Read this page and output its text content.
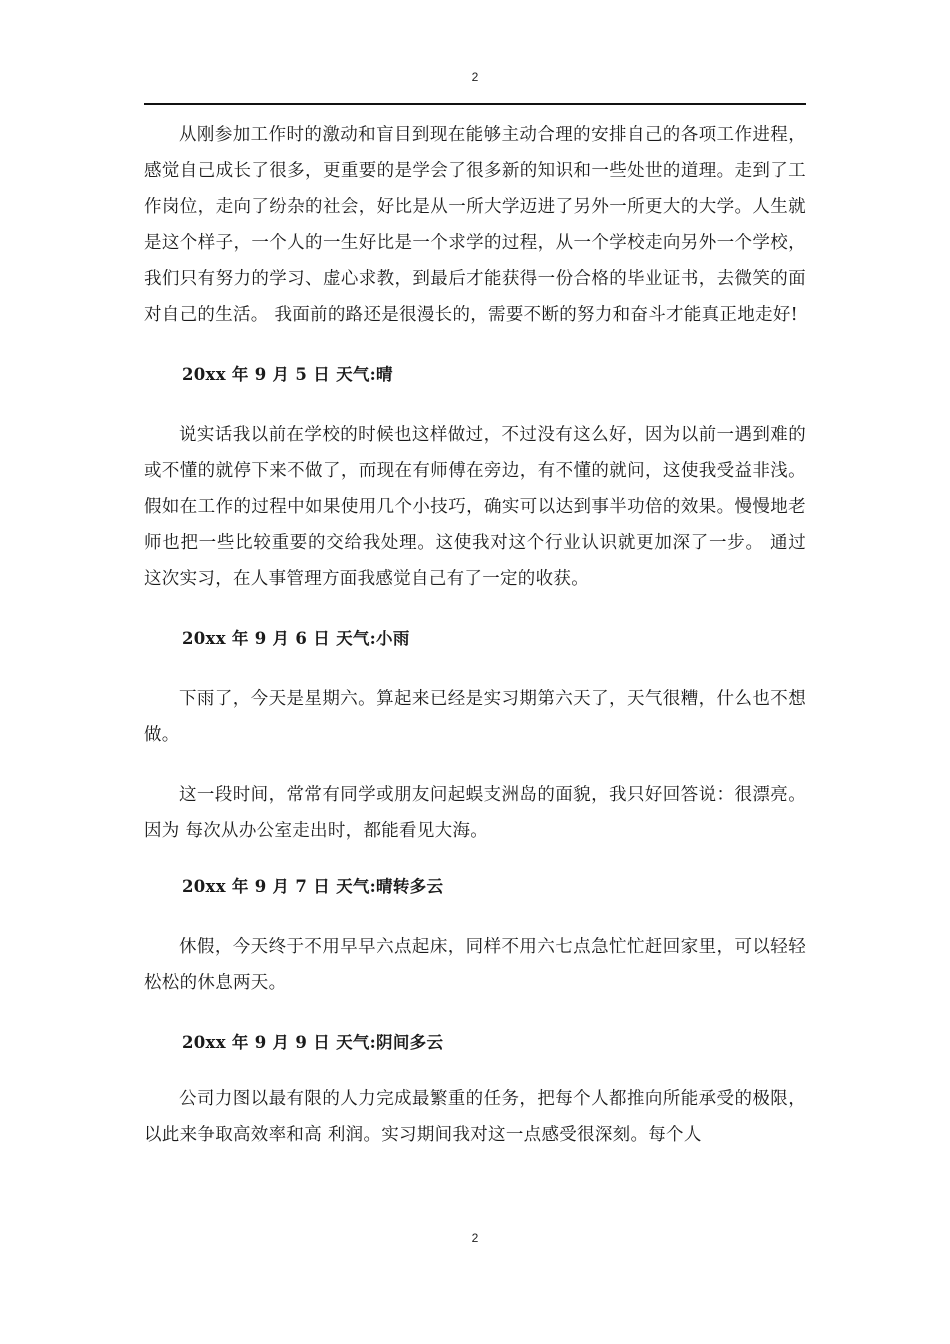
2

从刚参加工作时的激动和盲目到现在能够主动合理的安排自己的各项工作进程，感觉自己成长了很多，更重要的是学会了很多新的知识和一些处世的道理。走到了工作岗位，走向了纷杂的社会，好比是从一所大学迈进了另外一所更大的大学。人生就是这个样子，一个人的一生好比是一个求学的过程，从一个学校走向另外一个学校，我们只有努力的学习、虚心求教，到最后才能获得一份合格的毕业证书，去微笑的面对自己的生活。 我面前的路还是很漫长的，需要不断的努力和奋斗才能真正地走好!

20xx 年 9 月 5 日 天气:晴

说实话我以前在学校的时候也这样做过，不过没有这么好，因为以前一遇到难的或不懂的就停下来不做了，而现在有师傅在旁边，有不懂的就问，这使我受益非浅。 假如在工作的过程中如果使用几个小技巧，确实可以达到事半功倍的效果。慢慢地老师也把一些比较重要的交给我处理。这使我对这个行业认识就更加深了一步。 通过这次实习，在人事管理方面我感觉自己有了一定的收获。

20xx 年 9 月 6 日 天气:小雨

下雨了，今天是星期六。算起来已经是实习期第六天了，天气很糟，什么也不想做。

这一段时间，常常有同学或朋友问起蜈支洲岛的面貌，我只好回答说：很漂亮。因为 每次从办公室走出时，都能看见大海。

20xx 年 9 月 7 日 天气:晴转多云

休假，今天终于不用早早六点起床，同样不用六七点急忙忙赶回家里，可以轻轻松松的休息两天。

20xx 年 9 月 9 日 天气:阴间多云

公司力图以最有限的人力完成最繁重的任务，把每个人都推向所能承受的极限，以此来争取高效率和高 利润。实习期间我对这一点感受很深刻。每个人

2
